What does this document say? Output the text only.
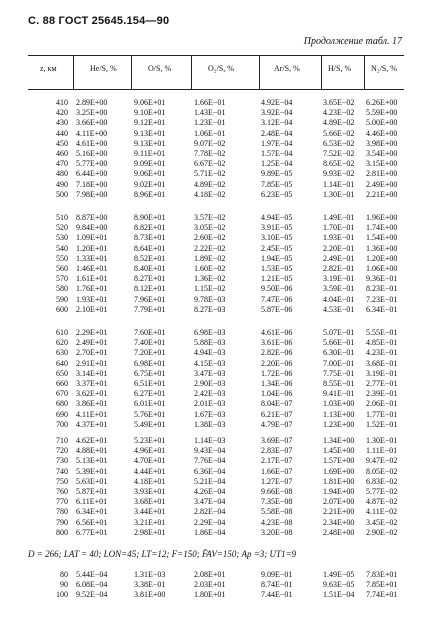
С. 88 ГОСТ 25645.154—90
Продолжение табл. 17
z, км	He/S, %	O/S, %	O₂/S, %	Ar/S, %	H/S, % N₂/S, %
410 2.89E+00	9.06E+01	1.66E−01	4.92E−04	3.65E−02 6.26E+00
420 3.25E+00	9.10E+01	1.43E−01	3.92E−04	4.23E−02 5.59E+00
430 3.66E+00	9.12E+01	1.23E−01	3.12E−04	4.89E−02 5.00E+00
440 4.11E+00	9.13E+01	1.06E−01	2.48E−04	5.66E−02 4.46E+00
450 4.61E+00	9.13E+01	9.07E−02	1.97E−04	6.53E−02 3.98E+00
460 5.16E+00	9.11E+01	7.78E−02	1.57E−04	7.52E−02 3.54E+00
470 5.77E+00	9.09E+01	6.67E−02	1.25E−04	8.65E−02 3.15E+00
480 6.44E+00	9.06E+01	5.71E−02	9.89E−05	9.93E−02 2.81E+00
490 7.18E+00	9.02E+01	4.89E−02	7.85E−05	1.14E−01 2.49E+00
500 7.98E+00	8.96E+01	4.18E−02	6.23E−05	1.30E−01 2.21E+00
510 8.87E+00	8.90E+01	3.57E−02	4.94E−05	1.49E−01 1.96E+00
520 9.84E+00	8.82E+01	3.05E−02	3.91E−05	1.70E−01 1.74E+00
530 1.09E+01	8.73E+01	2.60E−02	3.10E−05	1.93E−01 1.54E+00
540 1.20E+01	8.64E+01	2.22E−02	2.45E−05	2.20E−01 1.36E+00
550 1.33E+01	8.52E+01	1.89E−02	1.94E−05	2.49E−01 1.20E+00
560 1.46E+01	8.40E+01	1.60E−02	1.53E−05	2.82E−01 1.06E+00
570 1.61E+01	8.27E+01	1.36E−02	1.21E−05	3.19E−01 9.36E−01
580 1.76E+01	8.12E+01	1.15E−02	9.50E−06	3.59E−01 8.23E−01
590 1.93E+01	7.96E+01	9.78E−03	7.47E−06	4.04E−01 7.23E−01
600 2.10E+01	7.79E+01	8.27E−03	5.87E−06	4.53E−01 6.34E−01
610 2.29E+01	7.60E+01	6.98E−03	4.61E−06	5.07E−01 5.55E−01
620 2.49E+01	7.40E+01	5.88E−03	3.61E−06	5.66E−01 4.85E−01
630 2.70E+01	7.20E+01	4.94E−03	2.82E−06	6.30E−01 4.23E−01
640 2.91E+01	6.98E+01	4.15E−03	2.20E−06	7.00E−01 3.68E−01
650 3.14E+01	6.75E+01	3.47E−03	1.72E−06	7.75E−01 3.19E−01
660 3.37E+01	6.51E+01	2.90E−03	1.34E−06	8.55E−01 2.77E−01
670 3.62E+01	6.27E+01	2.42E−03	1.04E−06	9.41E−01 2.39E−01
680 3.86E+01	6.01E+01	2.01E−03	8.04E−07	1.03E+00 2.06E−01
690 4.11E+01	5.76E+01	1.67E−03	6.21E−07	1.13E+00 1.77E−01
700 4.37E+01	5.49E+01	1.38E−03	4.79E−07	1.23E+00 1.52E−01
710 4.62E+01	5.23E+01	1.14E−03	3.69E−07	1.34E+00 1.30E−01
720 4.88E+01	4.96E+01	9.43E−04	2.83E−07	1.45E+00 1.11E−01
730 5.13E+01	4.70E+01	7.76E−04	2.17E−07	1.57E+00 9.47E−02
740 5.39E+01	4.44E+01	6.36E−04	1.66E−07	1.69E+00 8.05E−02
750 5.63E+01	4.18E+01	5.21E−04	1.27E−07	1.81E+00 6.83E−02
760 5.87E+01	3.93E+01	4.26E−04	9.66E−08	1.94E+00 5.77E−02
770 6.11E+01	3.68E+01	3.47E−04	7.35E−08	2.07E+00 4.87E−02
780 6.34E+01	3.44E+01	2.82E−04	5.58E−08	2.21E+00 4.11E−02
790 6.56E+01	3.21E+01	2.29E−04	4.23E−08	2.34E+00 3.45E−02
800 6.77E+01	2.98E+01	1.86E−04	3.20E−08	2.48E+00 2.90E−02
D = 266; LAT = 40; LON=45; LT=12; F=150; F̄AV=150; Ap =3; UT1=9
80 5.44E−04	1.31E−03	2.08E+01	9.09E−01	1.49E−05 7.83E+01
90 6.08E−04	3.38E−01	2.03E+01	8.74E−01	9.63E−05 7.85E+01
100 9.52E−04	3.81E+00	1.80E+01	7.44E−01	1.51E−04 7.74E+01
